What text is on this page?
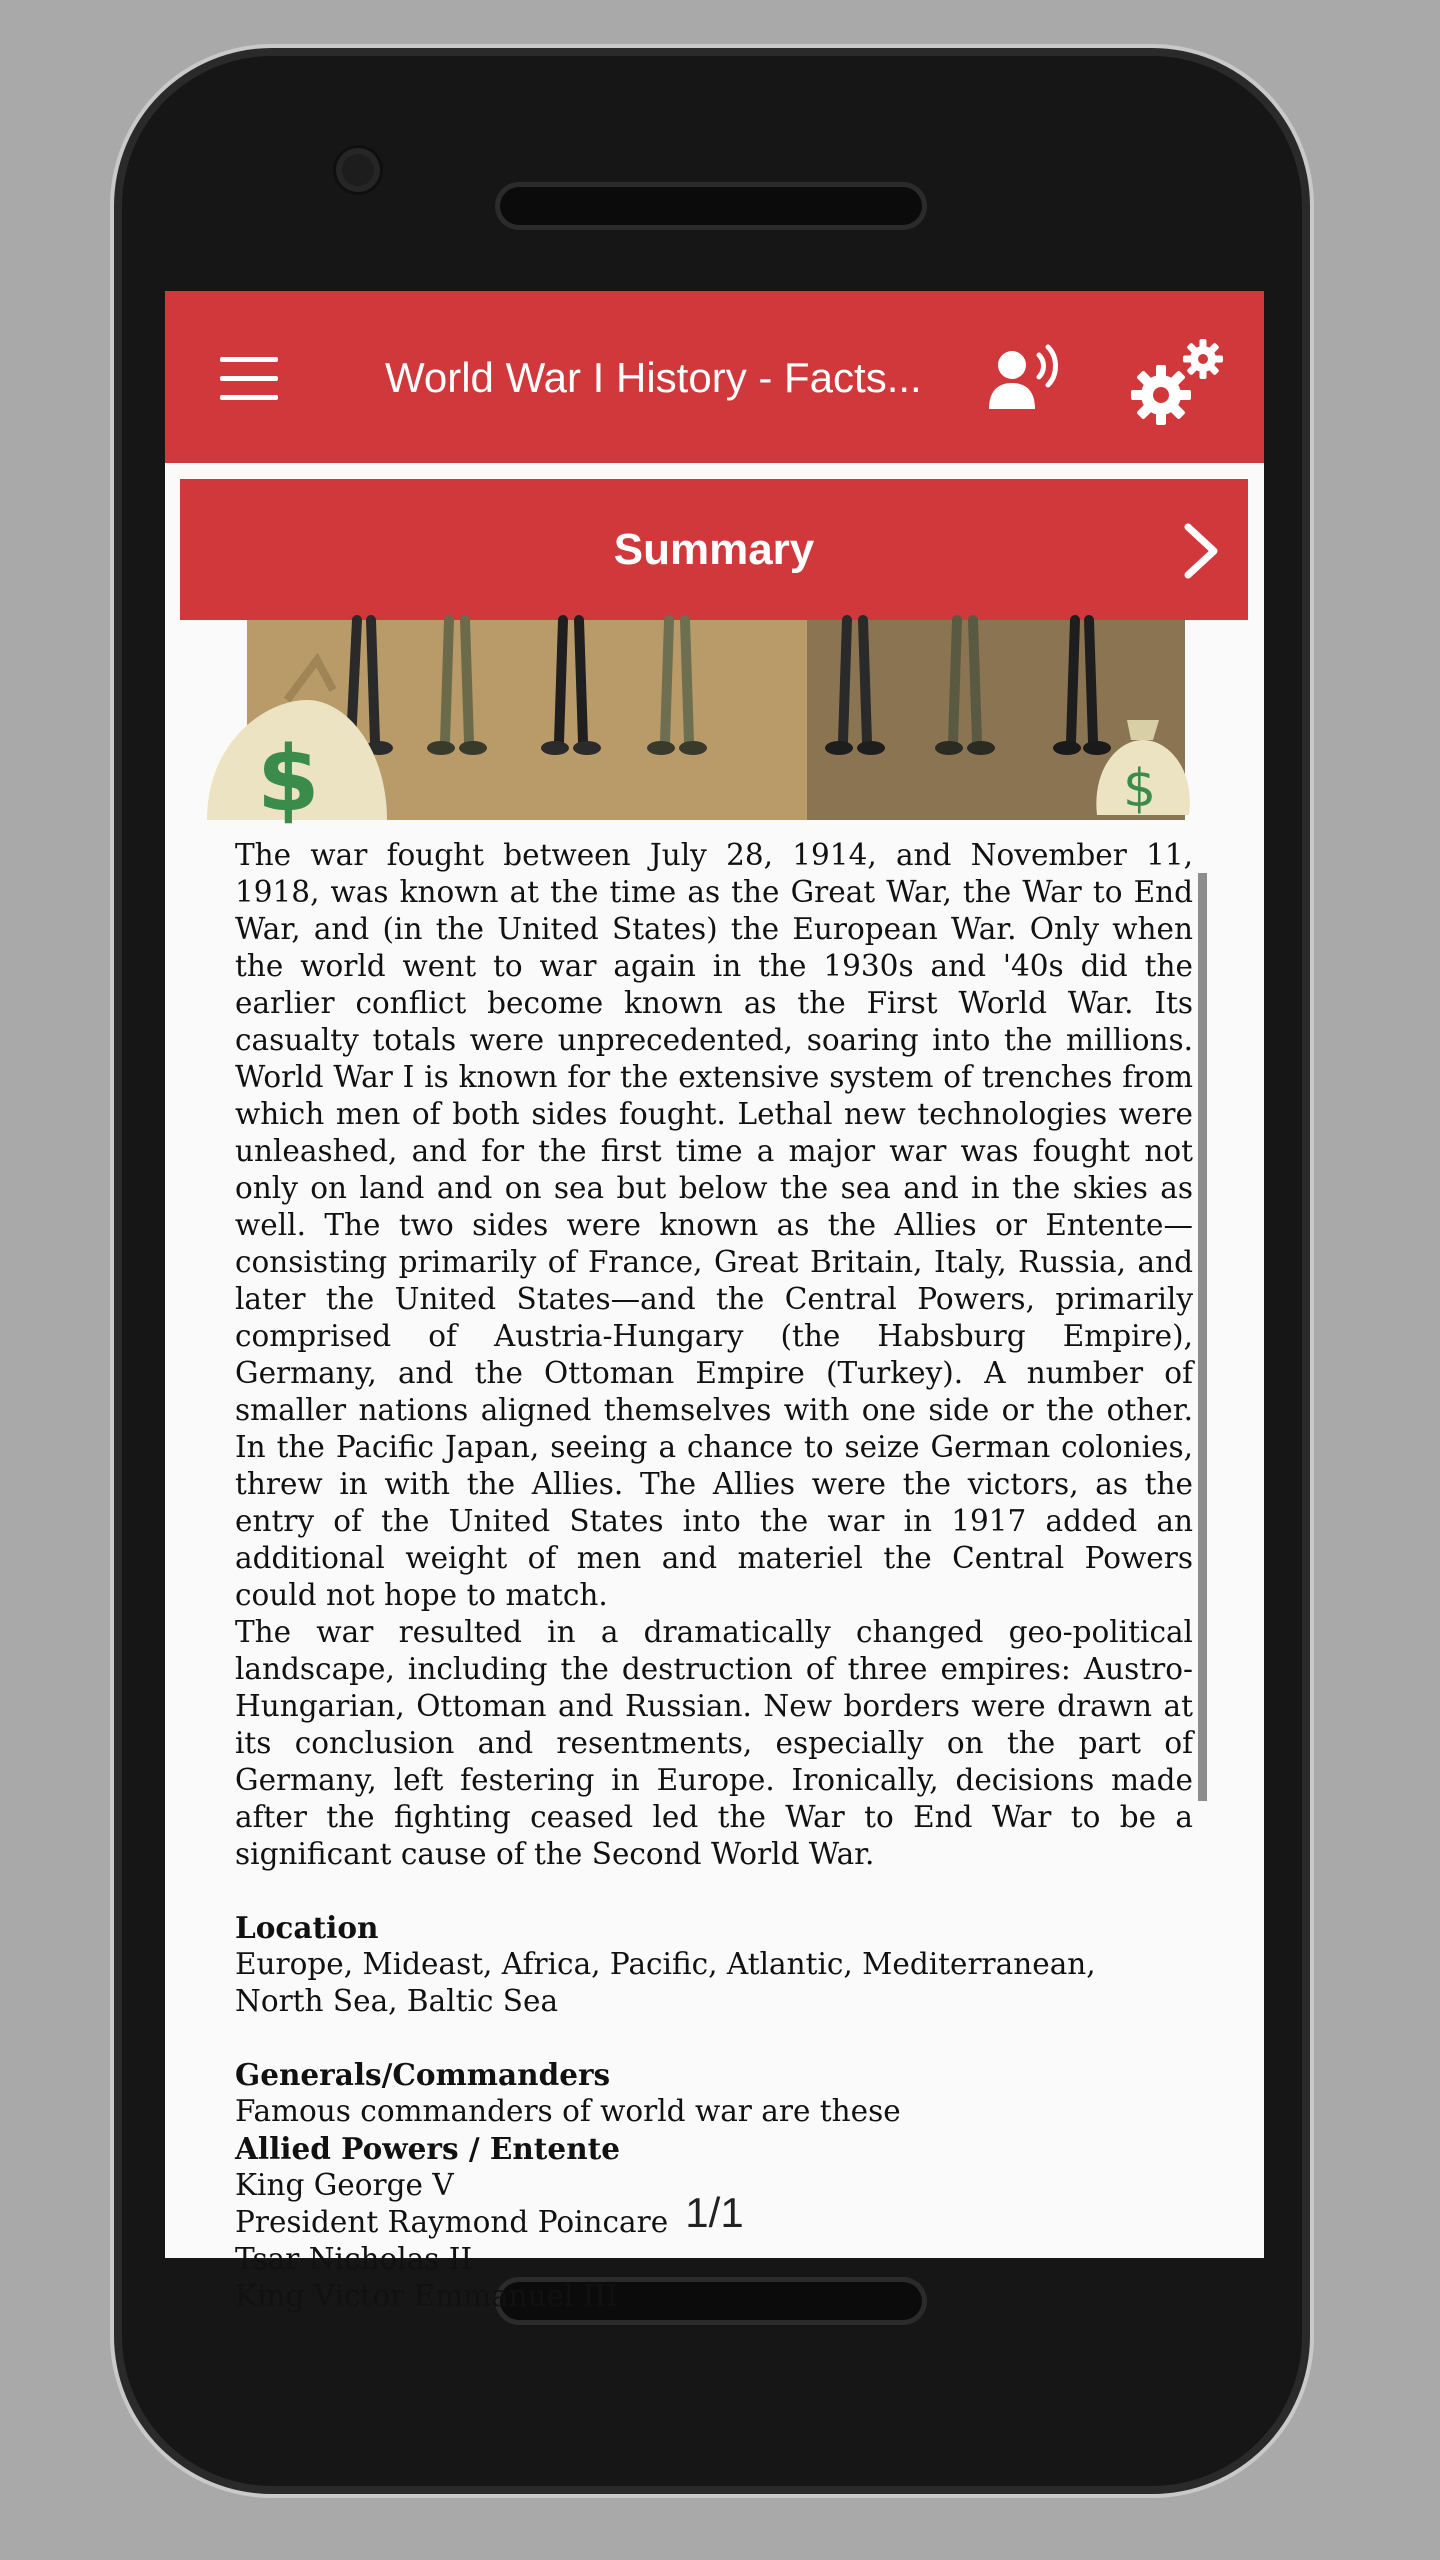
World War I History - Facts...
Summary
$	$

The war fought between July 28, 1914, and November 11, 1918, was known at the time as the Great War, the War to End War, and (in the United States) the European War. Only when the world went to war again in the 1930s and '40s did the earlier conflict become known as the First World War. Its casualty totals were unprecedented, soaring into the millions. World War I is known for the extensive system of trenches from which men of both sides fought. Lethal new technologies were unleashed, and for the first time a major war was fought not only on land and on sea but below the sea and in the skies as well. The two sides were known as the Allies or Entente—consisting primarily of France, Great Britain, Italy, Russia, and later the United States—and the Central Powers, primarily comprised of Austria-Hungary (the Habsburg Empire), Germany, and the Ottoman Empire (Turkey). A number of smaller nations aligned themselves with one side or the other. In the Pacific Japan, seeing a chance to seize German colonies, threw in with the Allies. The Allies were the victors, as the entry of the United States into the war in 1917 added an additional weight of men and materiel the Central Powers could not hope to match.

The war resulted in a dramatically changed geo-political landscape, including the destruction of three empires: Austro-Hungarian, Ottoman and Russian. New borders were drawn at its conclusion and resentments, especially on the part of Germany, left festering in Europe. Ironically, decisions made after the fighting ceased led the War to End War to be a significant cause of the Second World War.

Location
Europe, Mideast, Africa, Pacific, Atlantic, Mediterranean, North Sea, Baltic Sea
Generals/Commanders
Famous commanders of world war are these
Allied Powers / Entente
King George V
President Raymond Poincare
Tsar Nicholas II
King Victor Emmanuel III
1/1
